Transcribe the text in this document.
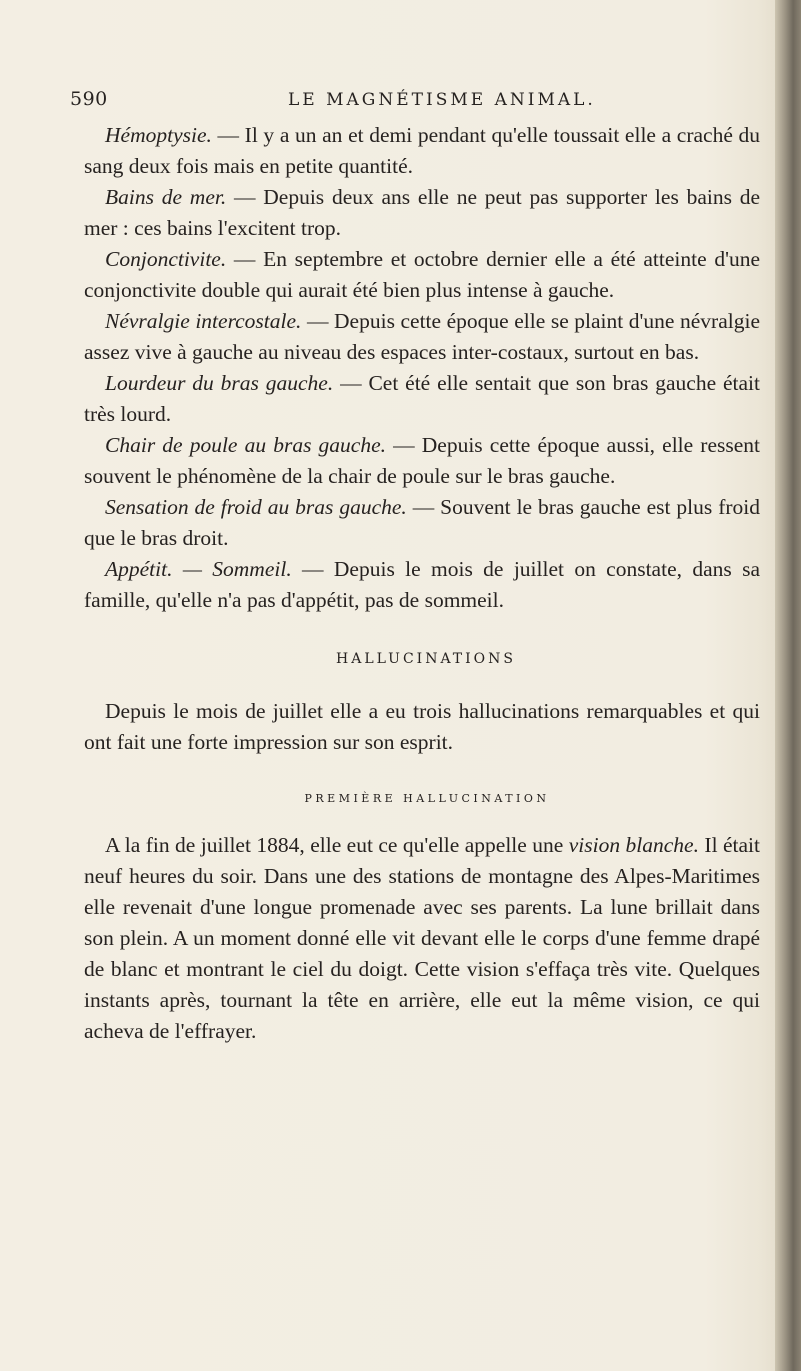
590	LE MAGNÉTISME ANIMAL.

Hémoptysie. — Il y a un an et demi pendant qu'elle toussait elle a craché du sang deux fois mais en petite quantité.

Bains de mer. — Depuis deux ans elle ne peut pas supporter les bains de mer : ces bains l'excitent trop.

Conjonctivite. — En septembre et octobre dernier elle a été atteinte d'une conjonctivite double qui aurait été bien plus intense à gauche.

Névralgie intercostale. — Depuis cette époque elle se plaint d'une névralgie assez vive à gauche au niveau des espaces inter-costaux, surtout en bas.

Lourdeur du bras gauche. — Cet été elle sentait que son bras gauche était très lourd.

Chair de poule au bras gauche. — Depuis cette époque aussi, elle ressent souvent le phénomène de la chair de poule sur le bras gauche.

Sensation de froid au bras gauche. — Souvent le bras gauche est plus froid que le bras droit.

Appétit. — Sommeil. — Depuis le mois de juillet on constate, dans sa famille, qu'elle n'a pas d'appétit, pas de sommeil.

HALLUCINATIONS

Depuis le mois de juillet elle a eu trois hallucinations remarquables et qui ont fait une forte impression sur son esprit.

PREMIÈRE HALLUCINATION

A la fin de juillet 1884, elle eut ce qu'elle appelle une vision blanche. Il était neuf heures du soir. Dans une des stations de montagne des Alpes-Maritimes elle revenait d'une longue promenade avec ses parents. La lune brillait dans son plein. A un moment donné elle vit devant elle le corps d'une femme drapé de blanc et montrant le ciel du doigt. Cette vision s'effaça très vite. Quelques instants après, tournant la tête en arrière, elle eut la même vision, ce qui acheva de l'effrayer.
